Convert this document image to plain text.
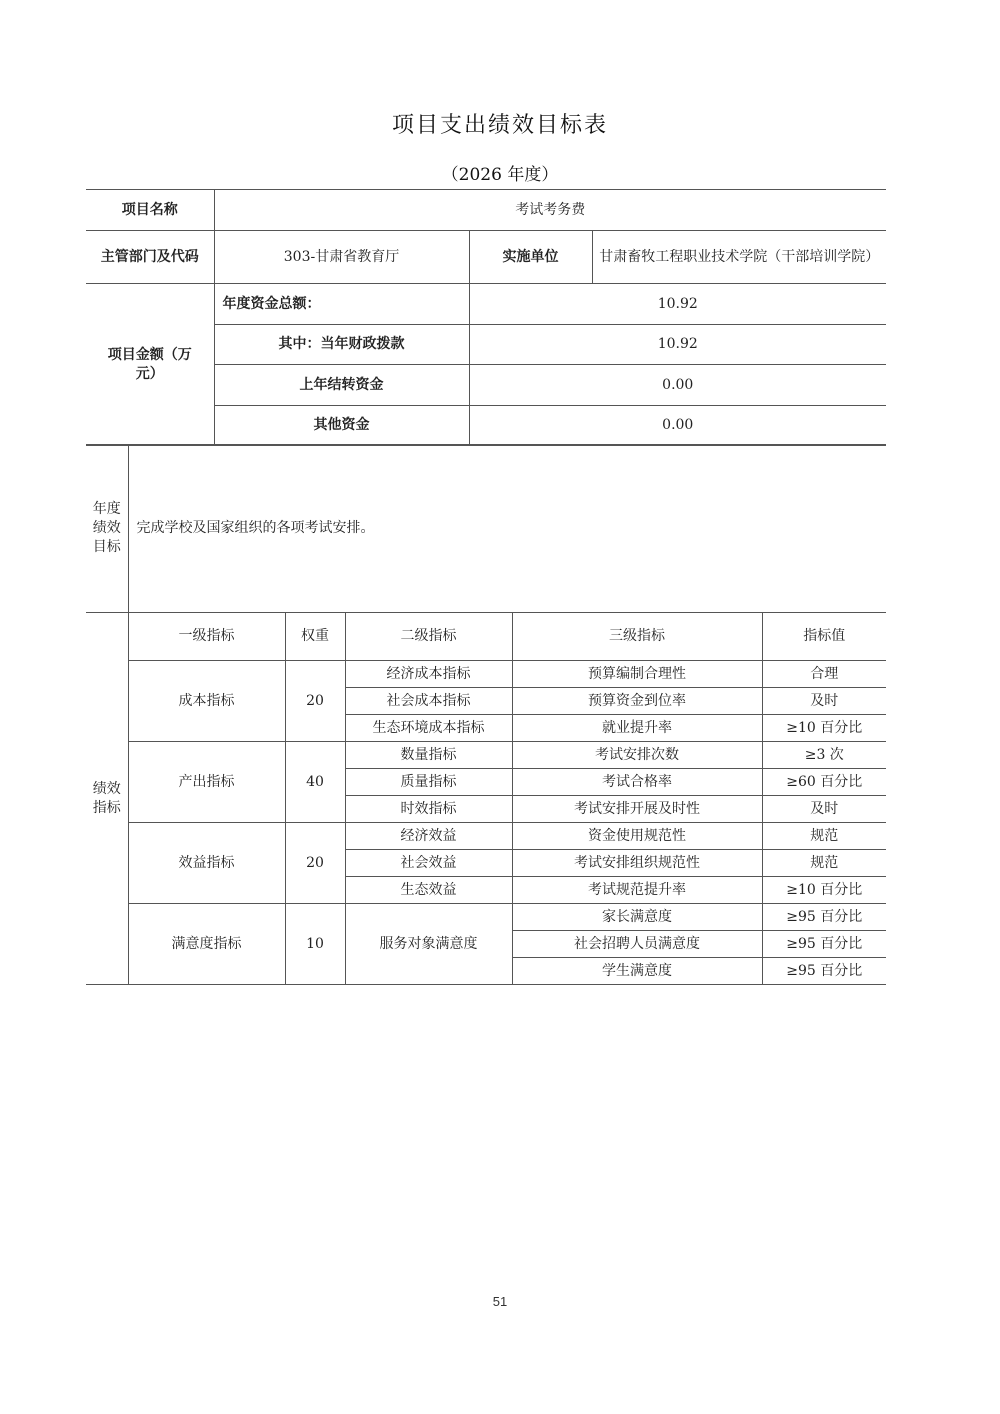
项目支出绩效目标表
（2026 年度）
项目名称	考试考务费		
主管部门及代码	303-甘肃省教育厅	实施单位	甘肃畜牧工程职业技术学院（干部培训学院）
项目金额（万元）	年度资金总额：	10.92	
	其中：当年财政拨款	10.92	
	上年结转资金	0.00	
	其他资金	0.00	
年度绩效目标	完成学校及国家组织的各项考试安排。				
绩效指标	一级指标	权重	二级指标	三级指标	指标值
	成本指标	20	经济成本指标	预算编制合理性	合理
			社会成本指标	预算资金到位率	及时
			生态环境成本指标	就业提升率	≥10 百分比
	产出指标	40	数量指标	考试安排次数	≥3 次
			质量指标	考试合格率	≥60 百分比
			时效指标	考试安排开展及时性	及时
	效益指标	20	经济效益	资金使用规范性	规范
			社会效益	考试安排组织规范性	规范
			生态效益	考试规范提升率	≥10 百分比
	满意度指标	10	服务对象满意度	家长满意度	≥95 百分比
				社会招聘人员满意度	≥95 百分比
				学生满意度	≥95 百分比
51
